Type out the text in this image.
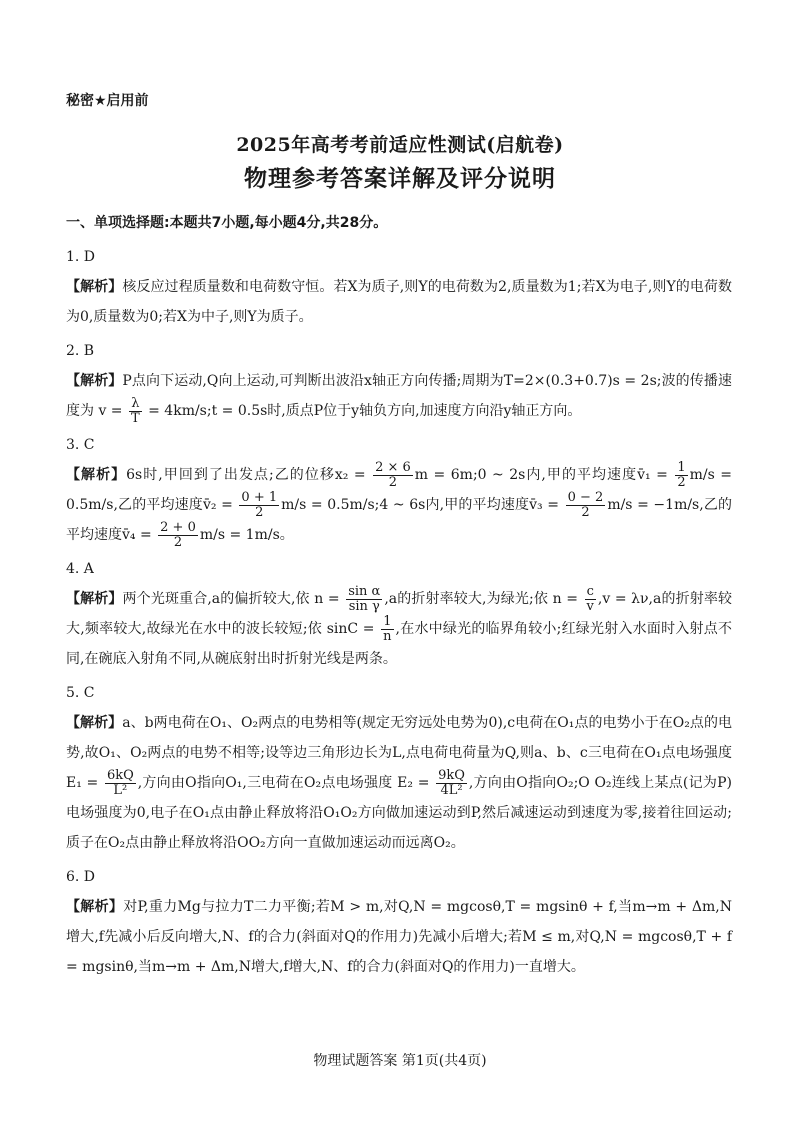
秘密★启用前
2025年高考考前适应性测试(启航卷)
物理参考答案详解及评分说明
一、单项选择题:本题共7小题,每小题4分,共28分。
1. D
【解析】核反应过程质量数和电荷数守恒。若X为质子,则Y的电荷数为2,质量数为1;若X为电子,则Y的电荷数为0,质量数为0;若X为中子,则Y为质子。
2. B
【解析】P点向下运动,Q向上运动,可判断出波沿x轴正方向传播;周期为T=2×(0.3+0.7)s = 2s;波的传播速度为 $v = \frac{\lambda}{T}$ = 4km/s;t = 0.5s时,质点P位于y轴负方向,加速度方向沿y轴正方向。
3. C
【解析】6s时,甲回到了出发点;乙的位移$x_2 = \frac{2 \times 6}{2}$ m = 6m;0 ~ 2s内,甲的平均速度v̄₁ = $\frac{1}{2} m/s = 0.5m/s$,乙的平均速度v̄₂ = $\frac{0 + 1}{2} m/s$ = 0.5m/s;4 ~ 6s内,甲的平均速度v̄₃ = $\frac{0 - 2}{2} m/s = -1m/s$,乙的平均速度v̄₄ = $\frac{2 + 0}{2} m/s = 1m/s$。
4. A
【解析】两个光斑重合,a的偏折较大,依 $n = \frac{\text{sin α}}{\text{sin γ}} ,a$的折射率较大,为绿光;依 $n = \frac{c}{v} ,v = \lambda\nu,a$的折射率较大,频率较大,故绿光在水中的波长较短;依 $\sin C = \frac{1}{n}$ ,在水中绿光的临界角较小;红绿光射入水面时入射点不同,在碗底入射角不同,从碗底射出时折射光线是两条。
5. C
【解析】a、b两电荷在O₁、O₂两点的电势相等(规定无穷远处电势为0),c电荷在O₁点的电势小于在O₂点的电势,故O₁、O₂两点的电势不相等;设等边三角形边长为L,点电荷电荷量为Q,则a、b、c三电荷在O₁点电场强度 $E_1 = \frac{6kQ}{\text{L²}}$ ,方向由O指向O₁,三电荷在O₂点电场强度 $E_2 = \frac{9kQ}{\text{4L²}}$ ,方向由O指向O₂;O O₂连线上某点(记为P)电场强度为0,电子在O₁点由静止释放将沿O₁O₂方向做加速运动到P,然后减速运动到速度为零,接着往回运动;质子在O₂点由静止释放将沿OO₂方向一直做加速运动而远离O₂。
6. D
【解析】对P,重力Mg与拉力T二力平衡;若M > m,对Q,N = mgcosθ,T = mgsinθ + f,当m→m + Δm,N增大,f先减小后反向增大,N、f的合力(斜面对Q的作用力)先减小后增大;若M ≤ m,对Q,N = mgcosθ,T + f = mgsinθ,当m→m + Δm,N增大,f增大,N、f的合力(斜面对Q的作用力)一直增大。
物理试题答案 第1页(共4页)
